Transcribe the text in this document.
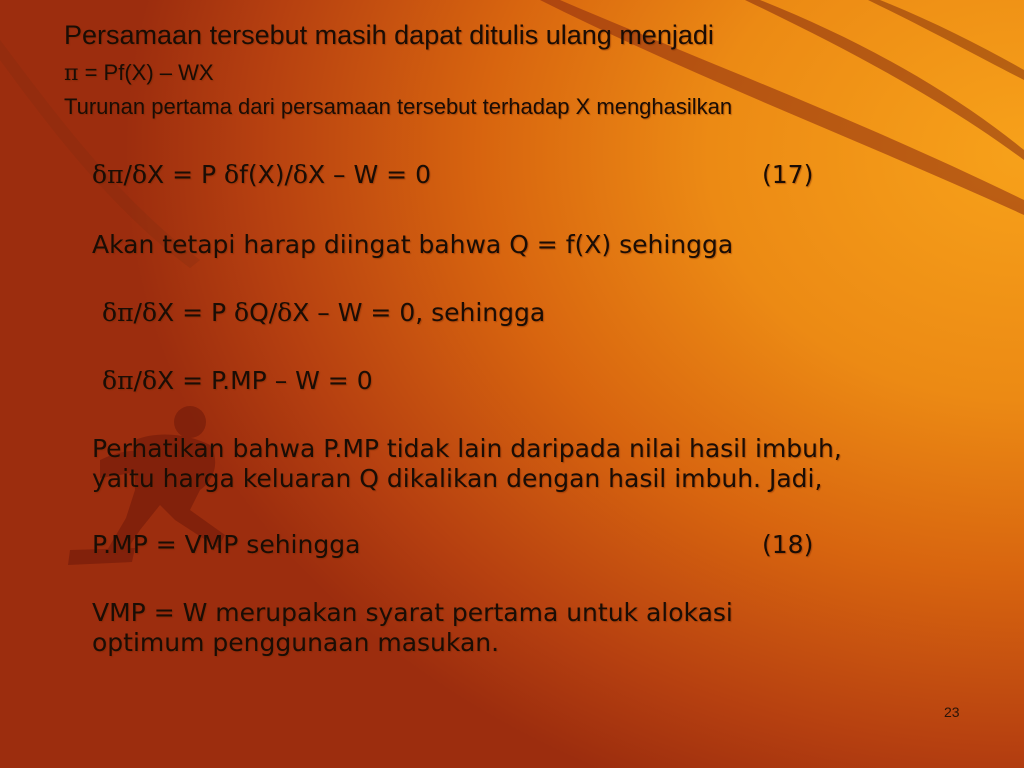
Persamaan tersebut masih dapat ditulis ulang menjadi
π = Pf(X) – WX
Turunan pertama dari persamaan tersebut terhadap X menghasilkan
δπ/δX = P δf(X)/δX – W = 0	(17)
Akan tetapi harap diingat bahwa Q = f(X) sehingga
δπ/δX = P δQ/δX – W = 0, sehingga
δπ/δX = P.MP – W = 0
Perhatikan bahwa P.MP tidak lain daripada nilai hasil imbuh,
yaitu harga keluaran Q dikalikan dengan hasil imbuh. Jadi,
P.MP = VMP sehingga	(18)
VMP = W merupakan syarat pertama untuk alokasi
optimum penggunaan masukan.
23
